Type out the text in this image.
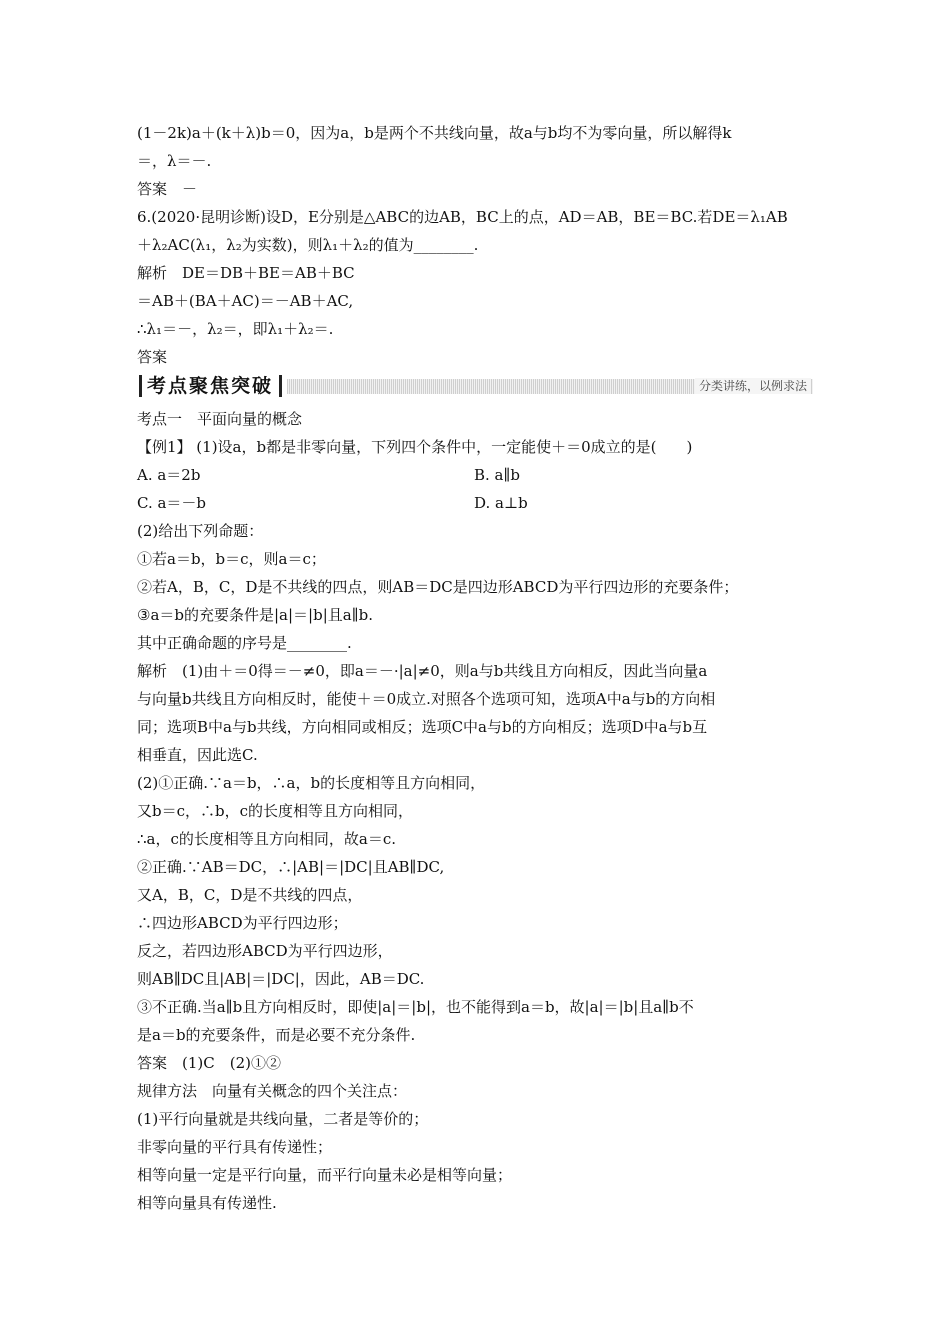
(1－2k)a＋(k＋λ)b＝0，因为a，b是两个不共线向量，故a与b均不为零向量，所以解得k
＝，λ＝－.
答案　－
6.(2020·昆明诊断)设D，E分别是△ABC的边AB，BC上的点，AD＝AB，BE＝BC.若DE＝λ₁AB
＋λ₂AC(λ₁，λ₂为实数)，则λ₁＋λ₂的值为________.
解析　DE＝DB＋BE＝AB＋BC
＝AB＋(BA＋AC)＝－AB＋AC,
∴λ₁＝－，λ₂＝，即λ₁＋λ₂＝.
答案
考点聚焦突破	分类讲练，以例求法
考点一　平面向量的概念
【例1】 (1)设a，b都是非零向量，下列四个条件中，一定能使＋＝0成立的是(　　)
A. a＝2b	B. a∥b
C. a＝－b	D. a⊥b
(2)给出下列命题：
①若a＝b，b＝c，则a＝c；
②若A，B，C，D是不共线的四点，则AB＝DC是四边形ABCD为平行四边形的充要条件；
③a＝b的充要条件是|a|＝|b|且a∥b.
其中正确命题的序号是________.
解析　(1)由＋＝0得＝－≠0，即a＝－·|a|≠0，则a与b共线且方向相反，因此当向量a
与向量b共线且方向相反时，能使＋＝0成立.对照各个选项可知，选项A中a与b的方向相
同；选项B中a与b共线，方向相同或相反；选项C中a与b的方向相反；选项D中a与b互
相垂直，因此选C.
(2)①正确.∵a＝b，∴a，b的长度相等且方向相同，
又b＝c，∴b，c的长度相等且方向相同，
∴a，c的长度相等且方向相同，故a＝c.
②正确.∵AB＝DC，∴|AB|＝|DC|且AB∥DC,
又A，B，C，D是不共线的四点，
∴四边形ABCD为平行四边形；
反之，若四边形ABCD为平行四边形，
则AB∥DC且|AB|＝|DC|，因此，AB＝DC.
③不正确.当a∥b且方向相反时，即使|a|＝|b|，也不能得到a＝b，故|a|＝|b|且a∥b不
是a＝b的充要条件，而是必要不充分条件.
答案　(1)C　(2)①②
规律方法　向量有关概念的四个关注点：
(1)平行向量就是共线向量，二者是等价的；
非零向量的平行具有传递性；
相等向量一定是平行向量，而平行向量未必是相等向量；
相等向量具有传递性.
